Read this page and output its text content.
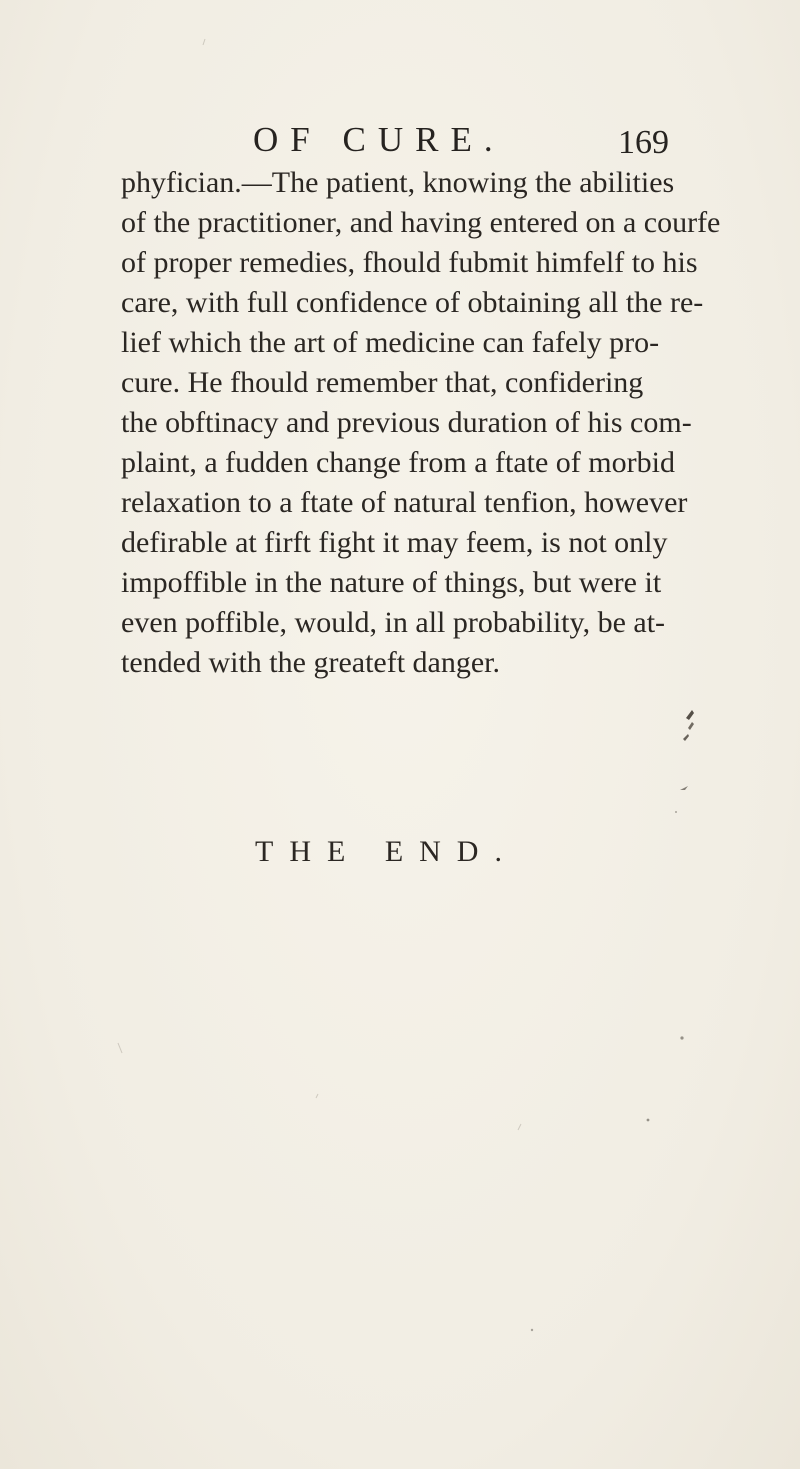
OF CURE.	169
phyfician.—The patient, knowing the abilities
of the practitioner, and having entered on a courfe
of proper remedies, fhould fubmit himfelf to his
care, with full confidence of obtaining all the re-
lief which the art of medicine can fafely pro-
cure. He fhould remember that, confidering
the obftinacy and previous duration of his com-
plaint, a fudden change from a ftate of morbid
relaxation to a ftate of natural tenfion, however
defirable at firft fight it may feem, is not only
impoffible in the nature of things, but were it
even poffible, would, in all probability, be at-
tended with the greateft danger.
THE END.
